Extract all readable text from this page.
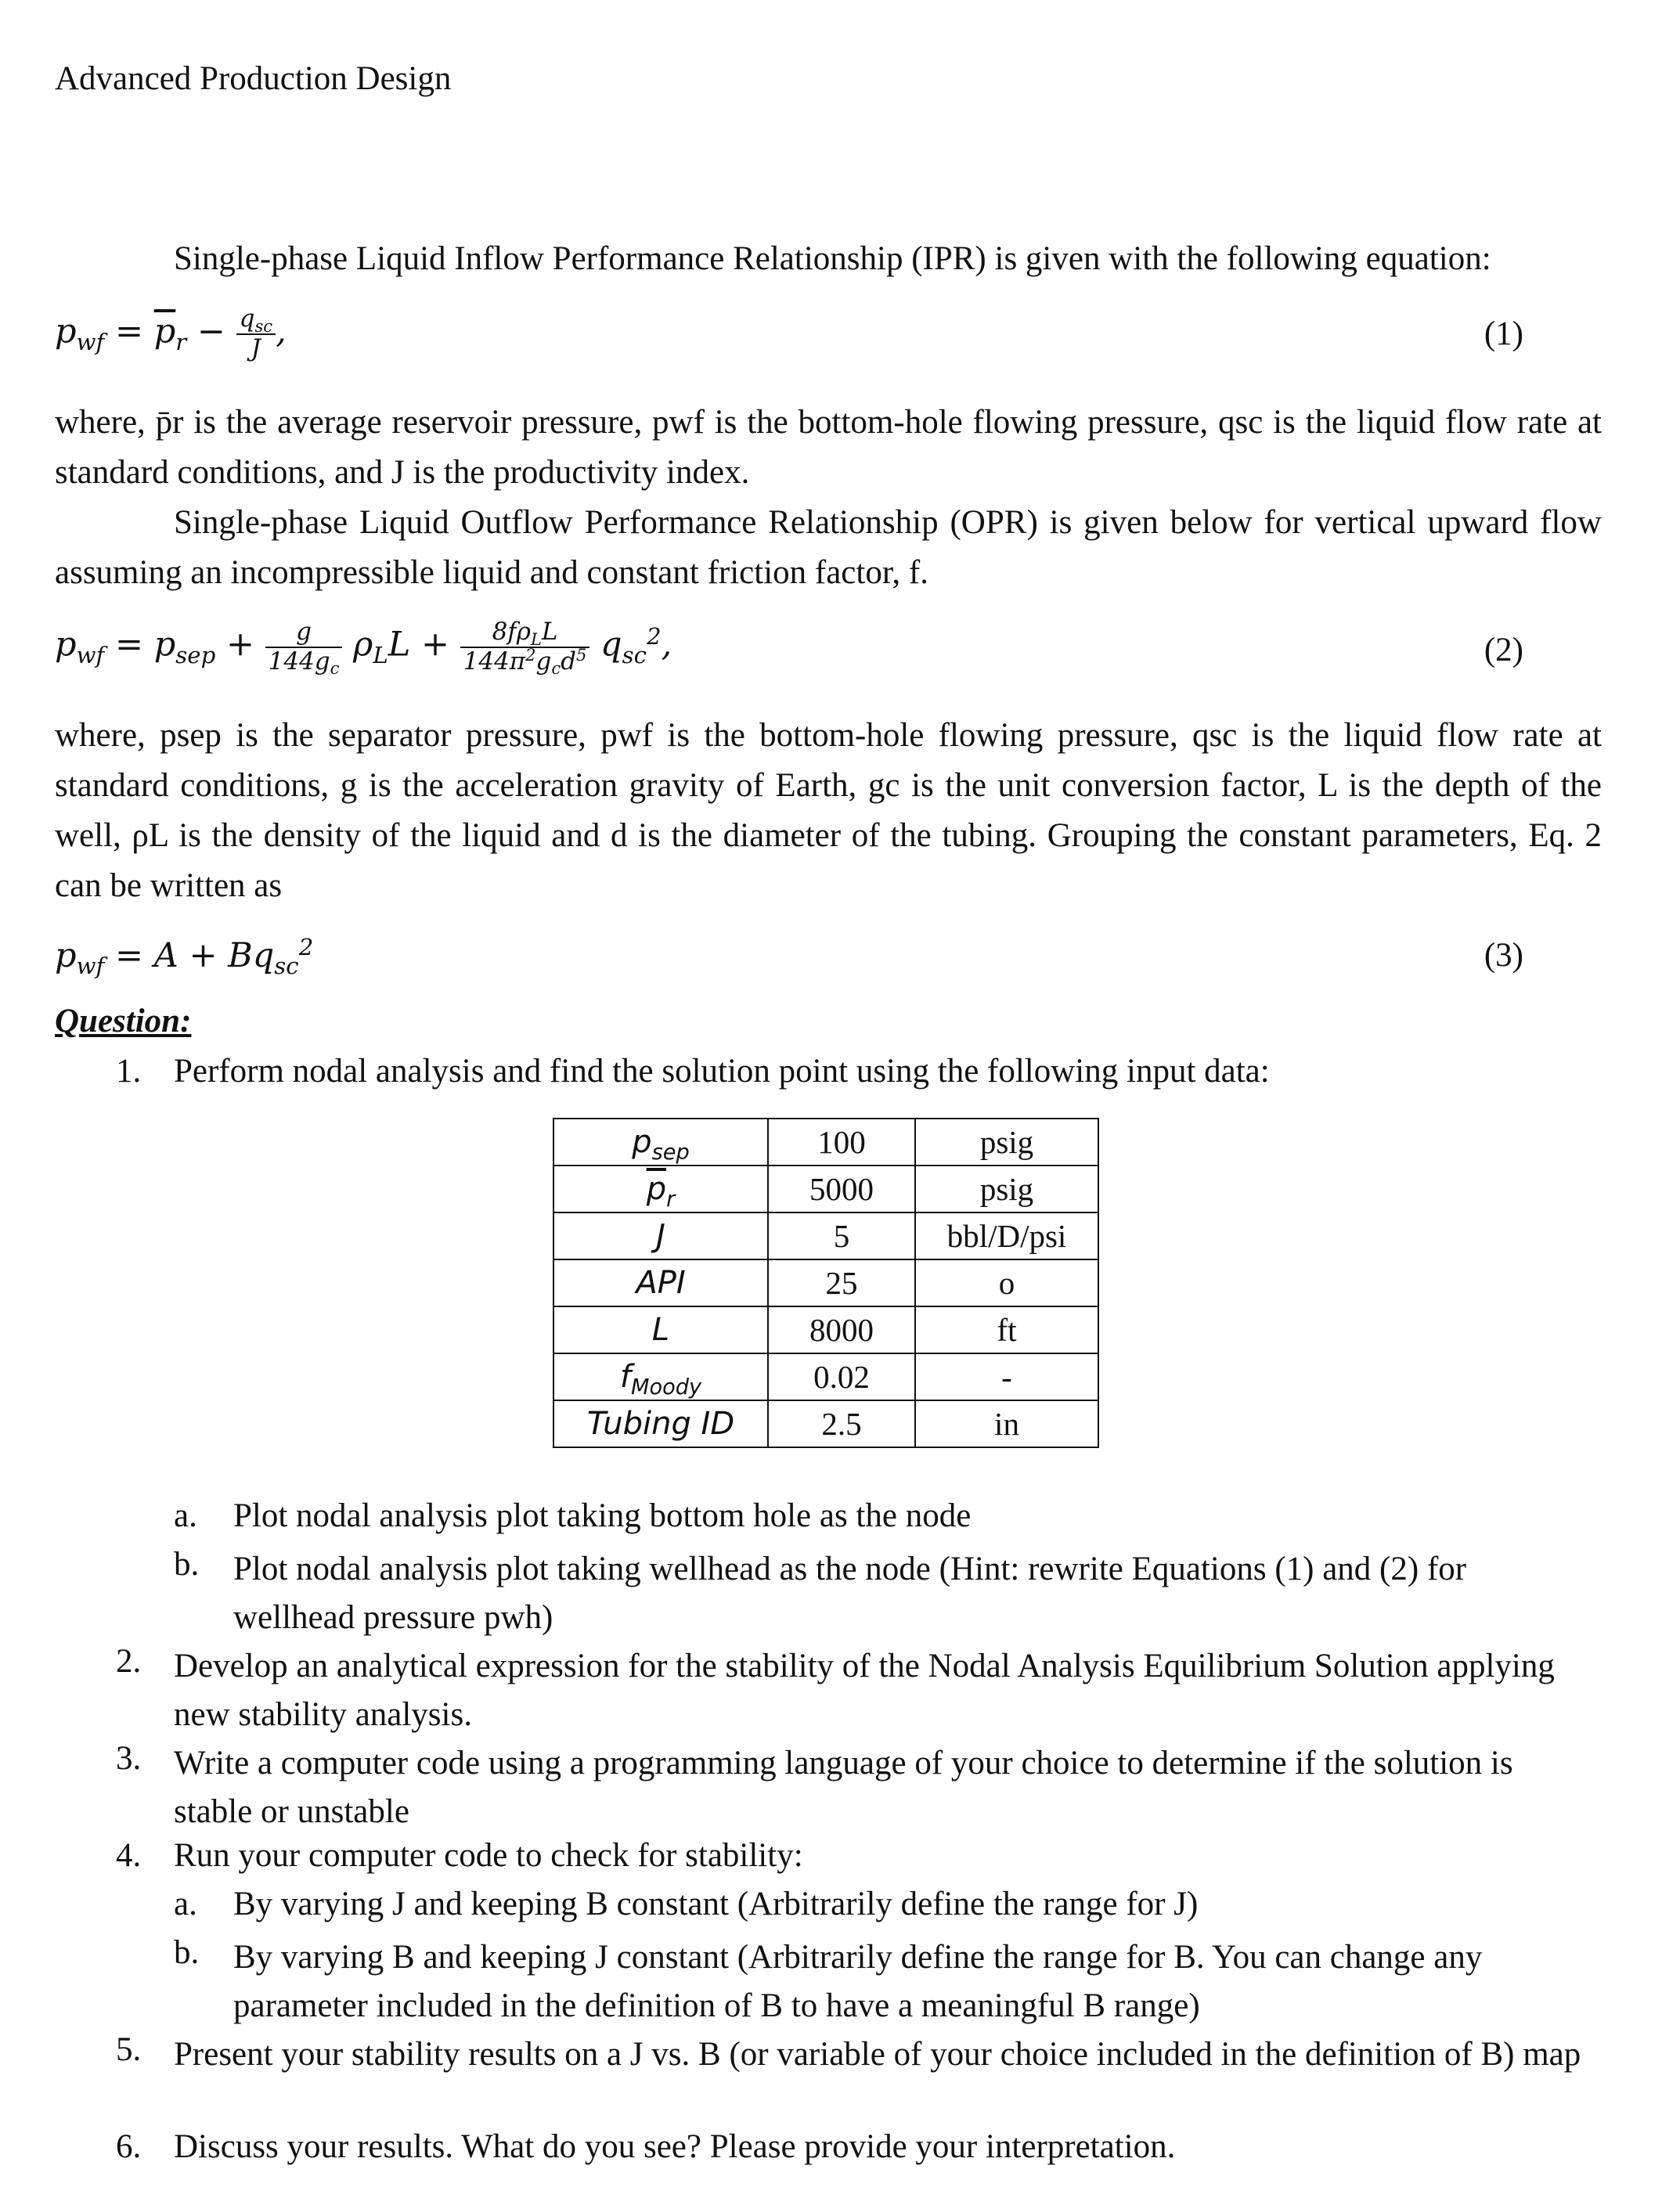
Advanced Production Design
Single-phase Liquid Inflow Performance Relationship (IPR) is given with the following equation:
$p_{wf} = \overline{p}_r - \frac{q_{sc}}{J}$ ,	(1)
where, p̄r is the average reservoir pressure, pwf is the bottom-hole flowing pressure, qsc is the liquid flow rate at standard conditions, and J is the productivity index.
Single-phase Liquid Outflow Performance Relationship (OPR) is given below for vertical upward flow assuming an incompressible liquid and constant friction factor, f.
$p_{wf} = p_{sep} + \frac{g}{144g_c} \rho_LL + \frac{8f\rho_LL}{144\pi^2g_cd^5} q_{sc}^2$,	(2)
where, psep is the separator pressure, pwf is the bottom-hole flowing pressure, qsc is the liquid flow rate at standard conditions, g is the acceleration gravity of Earth, gc is the unit conversion factor, L is the depth of the well, ρL is the density of the liquid and d is the diameter of the tubing. Grouping the constant parameters, Eq. 2 can be written as
$p_{wf} = A + Bq_{sc}^2$	(3)
Question:
1. Perform nodal analysis and find the solution point using the following input data:
$p_{sep}$	100	psig
$\overline{p}_r$	5000	psig
J	5	bbl/D/psi
API	25	o
L	8000	ft
$f_{Moody}$	0.02	-
Tubing ID	2.5	in
a. Plot nodal analysis plot taking bottom hole as the node
b. Plot nodal analysis plot taking wellhead as the node (Hint: rewrite Equations (1) and (2) for wellhead pressure pwh)
2. Develop an analytical expression for the stability of the Nodal Analysis Equilibrium Solution applying new stability analysis.
3. Write a computer code using a programming language of your choice to determine if the solution is stable or unstable
4. Run your computer code to check for stability:
a. By varying J and keeping B constant (Arbitrarily define the range for J)
b. By varying B and keeping J constant (Arbitrarily define the range for B. You can change any parameter included in the definition of B to have a meaningful B range)
5. Present your stability results on a J vs. B (or variable of your choice included in the definition of B) map
6. Discuss your results. What do you see? Please provide your interpretation.
